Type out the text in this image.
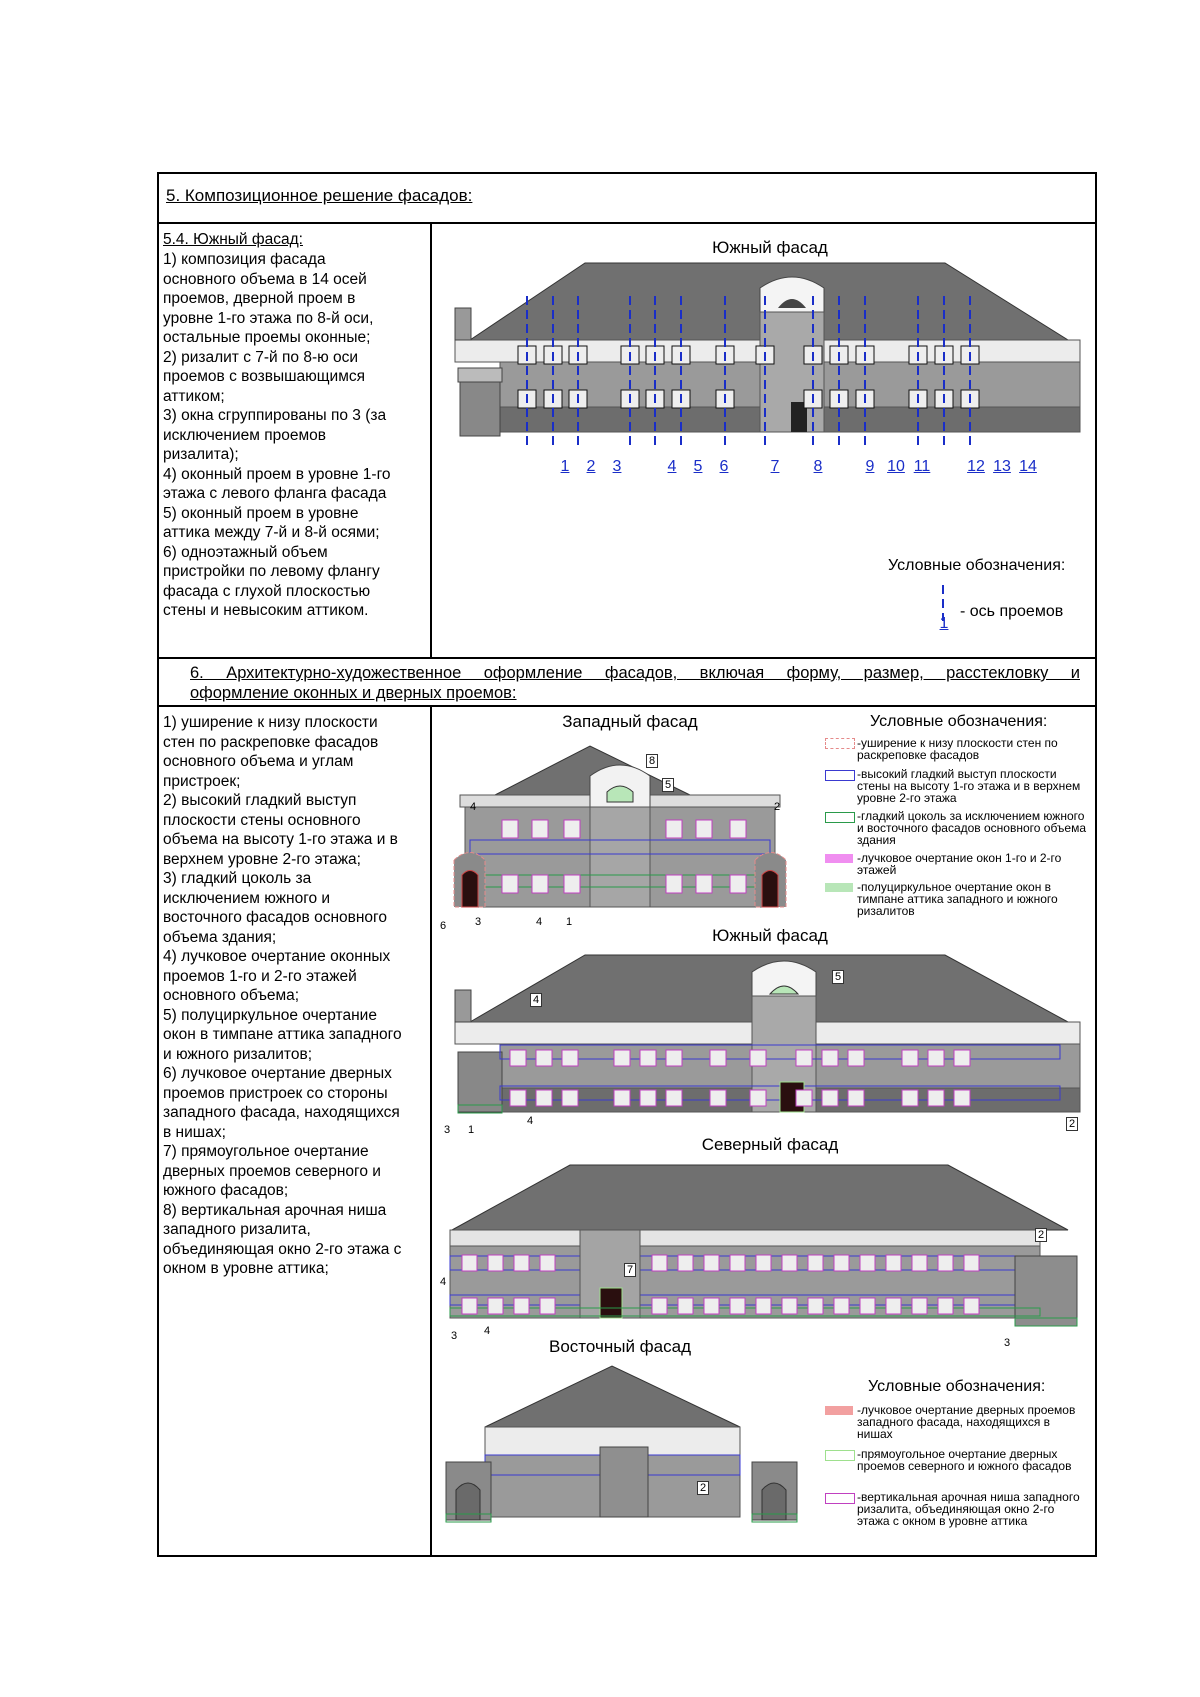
5. Композиционное решение фасадов:
5.4. Южный фасад:
1) композиция фасада
основного объема в 14 осей
проемов, дверной проем в
уровне 1-го этажа по 8-й оси,
остальные проемы оконные;
2) ризалит с 7-й по 8-ю оси
проемов с возвышающимся
аттиком;
3) окна сгруппированы по 3 (за
исключением проемов
ризалита);
4) оконный проем в уровне 1-го
этажа с левого фланга фасада
5) оконный проем в уровне
аттика между 7-й и 8-й осями;
6) одноэтажный объем
пристройки по левому флангу
фасада с глухой плоскостью
стены и невысоким аттиком.
Южный фасад
1	2	3	4	5	6	7	8	9 10 11 12 13 14
Условные обозначения:
1
- ось проемов
6. Архитектурно-художественное оформление фасадов, включая форму, размер, расстекловку и
оформление оконных и дверных проемов:
1) уширение к низу плоскости
стен по раскреповке фасадов
основного объема и углам
пристроек;
2) высокий гладкий выступ
плоскости стены основного
объема на высоту 1-го этажа и в
верхнем уровне 2-го этажа;
3) гладкий цоколь за
исключением южного и
восточного фасадов основного
объема здания;
4) лучковое очертание оконных
проемов 1-го и 2-го этажей
основного объема;
5) полуциркульное очертание
окон в тимпане аттика западного
и южного ризалитов;
6) лучковое очертание дверных
проемов пристроек со стороны
западного фасада, находящихся
в нишах;
7) прямоугольное очертание
дверных проемов северного и
южного фасадов;
8) вертикальная арочная ниша
западного ризалита,
объединяющая окно 2-го этажа с
окном в уровне аттика;
Западный фасад	Условные обозначения:
-уширение к низу плоскости стен по раскреповке фасадов
-высокий гладкий выступ плоскости стены на высоту 1-го этажа и в верхнем уровне 2-го этажа
-гладкий цоколь за исключением южного и восточного фасадов основного объема здания
-лучковое очертание окон 1-го и 2-го этажей
-полуциркульное очертание окон в тимпане аттика западного и южного ризалитов
Южный фасад
Северный фасад
Восточный фасад
8
5
4	2
6	3	4 1
4
5
3 1
4	2
2
7
4
3 4
3
2
Условные обозначения:
-лучковое очертание дверных проемов западного фасада, находящихся в нишах
-прямоугольное очертание дверных проемов северного и южного фасадов
-вертикальная арочная ниша западного ризалита, объединяющая окно 2-го этажа с окном в уровне аттика
